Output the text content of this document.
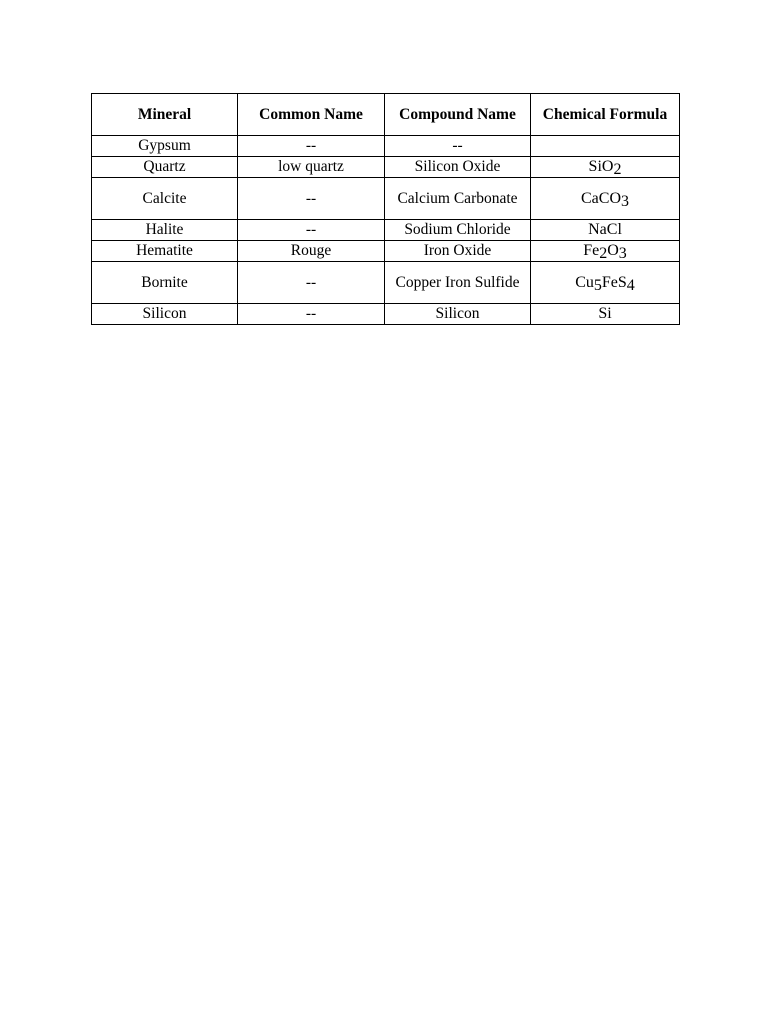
Mineral	Common Name	Compound Name	Chemical Formula
Gypsum	--	--	
Quartz	low quartz	Silicon Oxide	SiO2
Calcite	--	Calcium Carbonate	CaCO3
Halite	--	Sodium Chloride	NaCl
Hematite	Rouge	Iron Oxide	Fe2O3
Bornite	--	Copper Iron Sulfide	Cu5FeS4
Silicon	--	Silicon	Si
